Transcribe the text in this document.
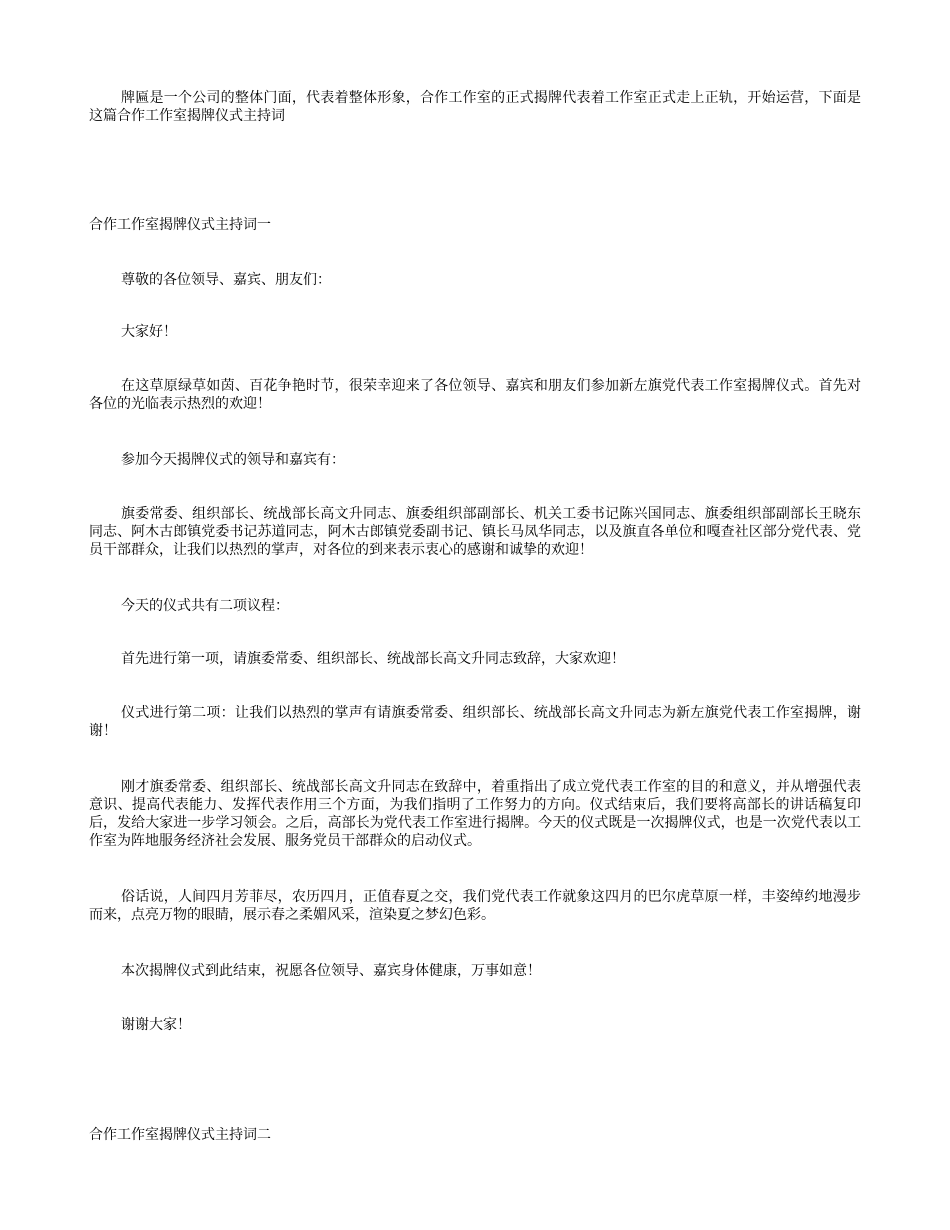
牌匾是一个公司的整体门面，代表着整体形象，合作工作室的正式揭牌代表着工作室正式走上正轨，开始运营，下面是这篇合作工作室揭牌仪式主持词

合作工作室揭牌仪式主持词一

尊敬的各位领导、嘉宾、朋友们：

大家好！

在这草原绿草如茵、百花争艳时节，很荣幸迎来了各位领导、嘉宾和朋友们参加新左旗党代表工作室揭牌仪式。首先对各位的光临表示热烈的欢迎！

参加今天揭牌仪式的领导和嘉宾有：

旗委常委、组织部长、统战部长高文升同志、旗委组织部副部长、机关工委书记陈兴国同志、旗委组织部副部长王晓东同志、阿木古郎镇党委书记苏道同志，阿木古郎镇党委副书记、镇长马凤华同志，以及旗直各单位和嘎查社区部分党代表、党员干部群众，让我们以热烈的掌声，对各位的到来表示衷心的感谢和诚挚的欢迎！

今天的仪式共有二项议程：

首先进行第一项，请旗委常委、组织部长、统战部长高文升同志致辞，大家欢迎！

仪式进行第二项：让我们以热烈的掌声有请旗委常委、组织部长、统战部长高文升同志为新左旗党代表工作室揭牌，谢谢！

刚才旗委常委、组织部长、统战部长高文升同志在致辞中，着重指出了成立党代表工作室的目的和意义，并从增强代表意识、提高代表能力、发挥代表作用三个方面，为我们指明了工作努力的方向。仪式结束后，我们要将高部长的讲话稿复印后，发给大家进一步学习领会。之后，高部长为党代表工作室进行揭牌。今天的仪式既是一次揭牌仪式，也是一次党代表以工作室为阵地服务经济社会发展、服务党员干部群众的启动仪式。

俗话说，人间四月芳菲尽，农历四月，正值春夏之交，我们党代表工作就象这四月的巴尔虎草原一样，丰姿绰约地漫步而来，点亮万物的眼睛，展示春之柔媚风采，渲染夏之梦幻色彩。

本次揭牌仪式到此结束，祝愿各位领导、嘉宾身体健康，万事如意！

谢谢大家！

合作工作室揭牌仪式主持词二
